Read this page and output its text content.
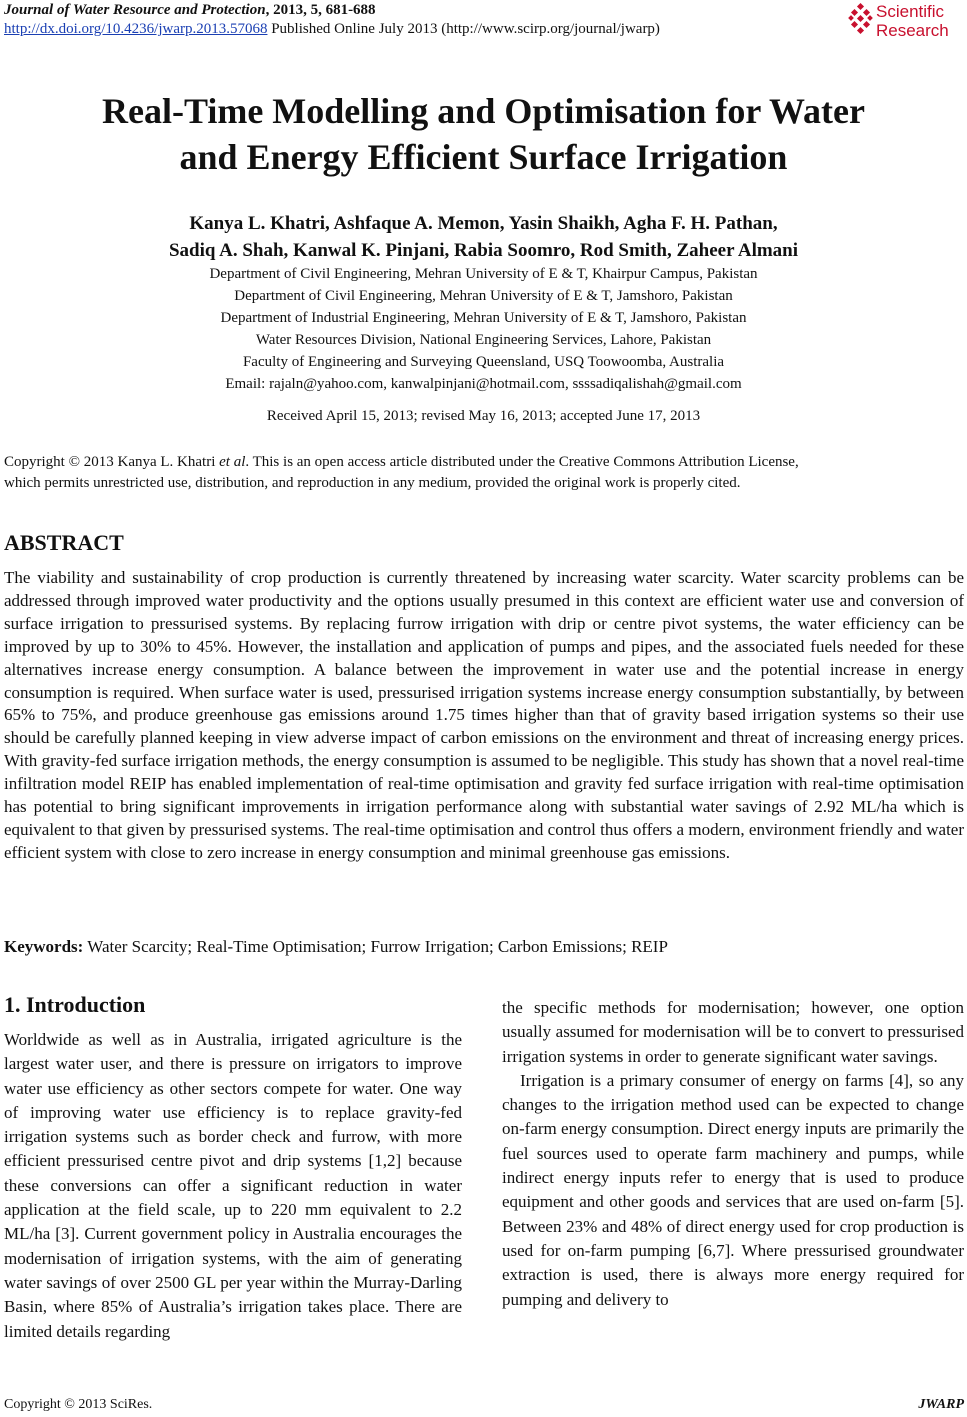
Journal of Water Resource and Protection, 2013, 5, 681-688
http://dx.doi.org/10.4236/jwarp.2013.57068 Published Online July 2013 (http://www.scirp.org/journal/jwarp)
Scientific
Research
Real-Time Modelling and Optimisation for Water
and Energy Efficient Surface Irrigation
Kanya L. Khatri, Ashfaque A. Memon, Yasin Shaikh, Agha F. H. Pathan,
Sadiq A. Shah, Kanwal K. Pinjani, Rabia Soomro, Rod Smith, Zaheer Almani
Department of Civil Engineering, Mehran University of E & T, Khairpur Campus, Pakistan
Department of Civil Engineering, Mehran University of E & T, Jamshoro, Pakistan
Department of Industrial Engineering, Mehran University of E & T, Jamshoro, Pakistan
Water Resources Division, National Engineering Services, Lahore, Pakistan
Faculty of Engineering and Surveying Queensland, USQ Toowoomba, Australia
Email: rajaln@yahoo.com, kanwalpinjani@hotmail.com, ssssadiqalishah@gmail.com
Received April 15, 2013; revised May 16, 2013; accepted June 17, 2013
Copyright © 2013 Kanya L. Khatri et al. This is an open access article distributed under the Creative Commons Attribution License,
which permits unrestricted use, distribution, and reproduction in any medium, provided the original work is properly cited.
ABSTRACT
The viability and sustainability of crop production is currently threatened by increasing water scarcity. Water scarcity problems can be addressed through improved water productivity and the options usually presumed in this context are efficient water use and conversion of surface irrigation to pressurised systems. By replacing furrow irrigation with drip or centre pivot systems, the water efficiency can be improved by up to 30% to 45%. However, the installation and application of pumps and pipes, and the associated fuels needed for these alternatives increase energy consumption. A balance between the improvement in water use and the potential increase in energy consumption is required. When surface water is used, pressurised irrigation systems increase energy consumption substantially, by between 65% to 75%, and produce greenhouse gas emissions around 1.75 times higher than that of gravity based irrigation systems so their use should be carefully planned keeping in view adverse impact of carbon emissions on the environment and threat of increasing energy prices. With gravity-fed surface irrigation methods, the energy consumption is assumed to be negligible. This study has shown that a novel real-time infiltration model REIP has enabled implementation of real-time optimisation and gravity fed surface irrigation with real-time optimisation has potential to bring significant improvements in irrigation performance along with substantial water savings of 2.92 ML/ha which is equivalent to that given by pressurised systems. The real-time optimisation and control thus offers a modern, environment friendly and water efficient system with close to zero increase in energy consumption and minimal greenhouse gas emissions.
Keywords: Water Scarcity; Real-Time Optimisation; Furrow Irrigation; Carbon Emissions; REIP
1. Introduction

Worldwide as well as in Australia, irrigated agriculture is the largest water user, and there is pressure on irrigators to improve water use efficiency as other sectors compete for water. One way of improving water use efficiency is to replace gravity-fed irrigation systems such as border check and furrow, with more efficient pressurised centre pivot and drip systems [1,2] because these conversions can offer a significant reduction in water application at the field scale, up to 220 mm equivalent to 2.2 ML/ha [3]. Current government policy in Australia encourages the modernisation of irrigation systems, with the aim of generating water savings of over 2500 GL per year within the Murray-Darling Basin, where 85% of Australia’s irrigation takes place. There are limited details regarding

the specific methods for modernisation; however, one option usually assumed for modernisation will be to convert to pressurised irrigation systems in order to generate significant water savings.

Irrigation is a primary consumer of energy on farms [4], so any changes to the irrigation method used can be expected to change on-farm energy consumption. Direct energy inputs are primarily the fuel sources used to operate farm machinery and pumps, while indirect energy inputs refer to energy that is used to produce equipment and other goods and services that are used on-farm [5]. Between 23% and 48% of direct energy used for crop production is used for on-farm pumping [6,7]. Where pressurised groundwater extraction is used, there is always more energy required for pumping and delivery to

Copyright © 2013 SciRes.	JWARP
